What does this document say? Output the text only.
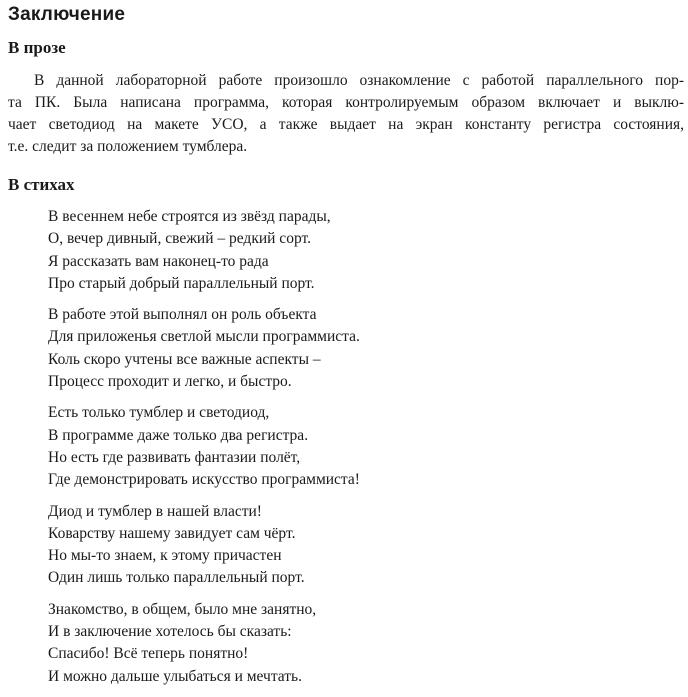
Заключение
В прозе

В данной лабораторной работе произошло ознакомление с работой параллельного пор-
та ПК. Была написана программа, которая контролируемым образом включает и выклю-
чает светодиод на макете УСО, а также выдает на экран константу регистра состояния,
т.е. следит за положением тумблера.

В стихах
В весеннем небе строятся из звёзд парады,
О, вечер дивный, свежий – редкий сорт.
Я рассказать вам наконец-то рада
Про старый добрый параллельный порт.
В работе этой выполнял он роль объекта
Для приложенья светлой мысли программиста.
Коль скоро учтены все важные аспекты –
Процесс проходит и легко, и быстро.
Есть только тумблер и светодиод,
В программе даже только два регистра.
Но есть где развивать фантазии полёт,
Где демонстрировать искусство программиста!
Диод и тумблер в нашей власти!
Коварству нашему завидует сам чёрт.
Но мы-то знаем, к этому причастен
Один лишь только параллельный порт.
Знакомство, в общем, было мне занятно,
И в заключение хотелось бы сказать:
Спасибо! Всё теперь понятно!
И можно дальше улыбаться и мечтать.
